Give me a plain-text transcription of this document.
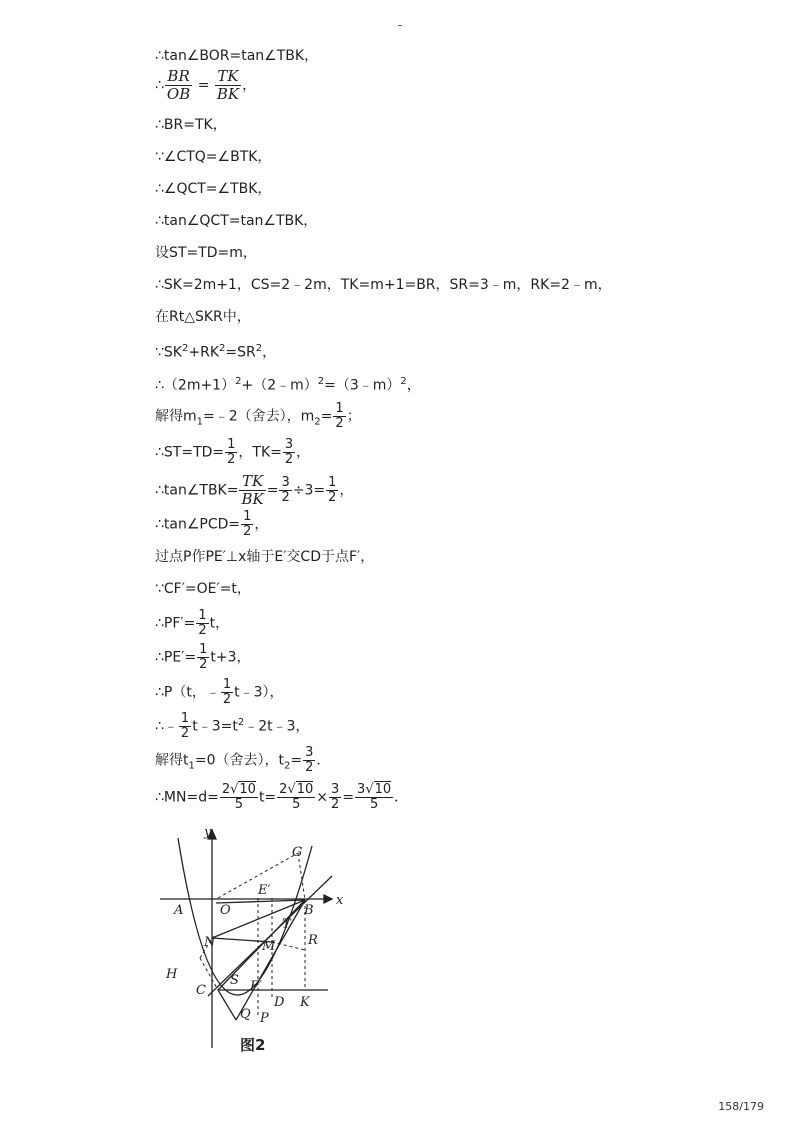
-
∴tan∠BOR=tan∠TBK，
∴ $\frac{BR}{OB} = \frac{TK}{BK}$ ，
∴BR=TK，
∵∠CTQ=∠BTK，
∴∠QCT=∠TBK，
∴tan∠QCT=tan∠TBK，
设ST=TD=m，
∴SK=2m+1，CS=2﹣2m，TK=m+1=BR，SR=3﹣m，RK=2﹣m，
在Rt△SKR中，
$\because SK^2+RK^2=SR^2$，
$\therefore(2m+1)^2+(2﹣m)^2=(3﹣m)^2$，
解得$m_1=﹣2$（舍去），$m_2= \frac{1}{2}$ ；
∴ST=TD= $\frac{1}{2}$ ，$TK= \frac{3}{2}$ ，
∴tan∠TBK= $\frac{TK}{BK} = \frac{3}{2} \div 3= \frac{1}{2}$ ，
∴tan∠PCD= $\frac{1}{2}$ ，
过点P作PE′⊥x轴于E′交CD于点F′，
∵CF′=OE′=t，
∴PF′= $\frac{1}{2}$ t，
∴PE′= $\frac{1}{2} t+3$，
∴P（t，﹣ $\frac{1}{2}$ t﹣3），
∴﹣ $\frac{1}{2}$ $t﹣3=t^2﹣2t﹣3$，
解得$t_1=0$（舍去），$t_2= \frac{3}{2}$ ．
∴MN=d= $\frac{2√10}{5} t= \frac{2√10}{5} \times \frac{3}{2} = \frac{3√10}{5}$ ．
y
x
G
E′
A	O	B
T
R
N	M
H
C
S F′
D K
Q P
图2
158/179
